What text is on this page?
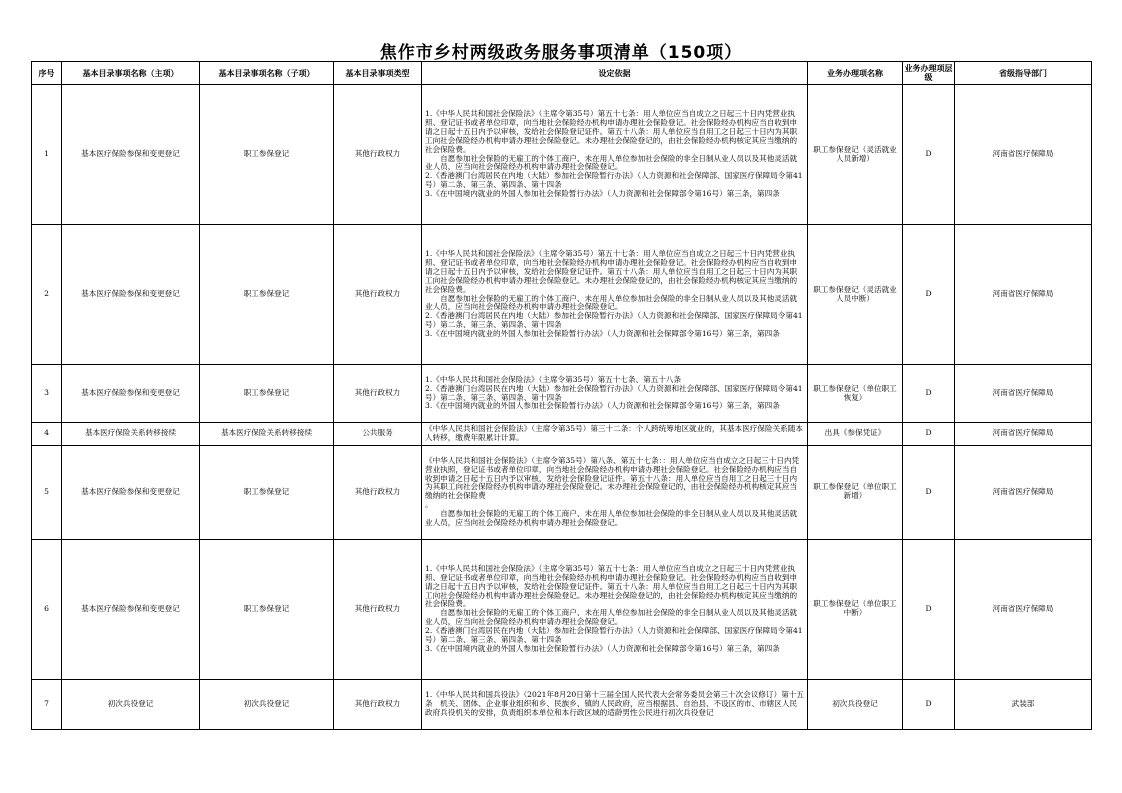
焦作市乡村两级政务服务事项清单（150项）
序号	基本目录事项名称（主项）	基本目录事项名称（子项）	基本目录事项类型	设定依据	业务办理项名称	业务办理项层级	省级指导部门
1	基本医疗保险参保和变更登记	职工参保登记	其他行政权力	1.《中华人民共和国社会保险法》（主席令第35号）第五十七条：用人单位应当自成立之日起三十日内凭营业执照、登记证书或者单位印章，向当地社会保险经办机构申请办理社会保险登记。社会保险经办机构应当自收到申请之日起十五日内予以审核，发给社会保险登记证件。第五十八条：用人单位应当自用工之日起三十日内为其职工向社会保险经办机构申请办理社会保险登记。未办理社会保险登记的，由社会保险经办机构核定其应当缴纳的社会保险费。
　　自愿参加社会保险的无雇工的个体工商户、未在用人单位参加社会保险的非全日制从业人员以及其他灵活就业人员，应当向社会保险经办机构申请办理社会保险登记。
2.《香港澳门台湾居民在内地（大陆）参加社会保险暂行办法》（人力资源和社会保障部、国家医疗保障局令第41号）第二条、第三条、第四条、第十四条
3.《在中国境内就业的外国人参加社会保险暂行办法》（人力资源和社会保障部令第16号）第三条，第四条	职工参保登记（灵活就业人员新增）	D	河南省医疗保障局
2	基本医疗保险参保和变更登记	职工参保登记	其他行政权力	1.《中华人民共和国社会保险法》（主席令第35号）第五十七条：用人单位应当自成立之日起三十日内凭营业执照、登记证书或者单位印章，向当地社会保险经办机构申请办理社会保险登记。社会保险经办机构应当自收到申请之日起十五日内予以审核，发给社会保险登记证件。第五十八条：用人单位应当自用工之日起三十日内为其职工向社会保险经办机构申请办理社会保险登记。未办理社会保险登记的，由社会保险经办机构核定其应当缴纳的社会保险费。
　　自愿参加社会保险的无雇工的个体工商户、未在用人单位参加社会保险的非全日制从业人员以及其他灵活就业人员，应当向社会保险经办机构申请办理社会保险登记。
2.《香港澳门台湾居民在内地（大陆）参加社会保险暂行办法》（人力资源和社会保障部、国家医疗保障局令第41号）第二条、第三条、第四条、第十四条
3.《在中国境内就业的外国人参加社会保险暂行办法》（人力资源和社会保障部令第16号）第三条，第四条	职工参保登记（灵活就业人员中断）	D	河南省医疗保障局
3	基本医疗保险参保和变更登记	职工参保登记	其他行政权力	1.《中华人民共和国社会保险法》（主席令第35号）第五十七条、第五十八条
2.《香港澳门台湾居民在内地（大陆）参加社会保险暂行办法》（人力资源和社会保障部、国家医疗保障局令第41号）第二条、第三条、第四条、第十四条
3.《在中国境内就业的外国人参加社会保险暂行办法》（人力资源和社会保障部令第16号）第三条，第四条	职工参保登记（单位职工恢复）	D	河南省医疗保障局
4	基本医疗保险关系转移接续	基本医疗保险关系转移接续	公共服务	《中华人民共和国社会保险法》（主席令第35号）第三十二条：个人跨统筹地区就业的，其基本医疗保险关系随本人转移，缴费年限累计计算。	出具《参保凭证》	D	河南省医疗保障局
5	基本医疗保险参保和变更登记	职工参保登记	其他行政权力	《中华人民共和国社会保险法》（主席令第35号）第八条、第五十七条：：用人单位应当自成立之日起三十日内凭营业执照，登记证书或者单位印章，向当地社会保险经办机构申请办理社会保险登记。社会保险经办机构应当自收到申请之日起十五日内予以审核，发给社会保险登记证件。第五十八条：用人单位应当自用工之日起三十日内为其职工向社会保险经办机构申请办理社会保险登记。未办理社会保险登记的，由社会保险经办机构核定其应当缴纳的社会保险费
。
　　自愿参加社会保险的无雇工的个体工商户、未在用人单位参加社会保险的非全日制从业人员以及其他灵活就业人员，应当向社会保险经办机构申请办理社会保险登记。	职工参保登记（单位职工新增）	D	河南省医疗保障局
6	基本医疗保险参保和变更登记	职工参保登记	其他行政权力	1.《中华人民共和国社会保险法》（主席令第35号）第五十七条：用人单位应当自成立之日起三十日内凭营业执照、登记证书或者单位印章，向当地社会保险经办机构申请办理社会保险登记。社会保险经办机构应当自收到申请之日起十五日内予以审核，发给社会保险登记证件。第五十八条：用人单位应当自用工之日起三十日内为其职工向社会保险经办机构申请办理社会保险登记。未办理社会保险登记的，由社会保险经办机构核定其应当缴纳的社会保险费。
　　自愿参加社会保险的无雇工的个体工商户、未在用人单位参加社会保险的非全日制从业人员以及其他灵活就业人员，应当向社会保险经办机构申请办理社会保险登记。
2.《香港澳门台湾居民在内地（大陆）参加社会保险暂行办法》（人力资源和社会保障部、国家医疗保障局令第41号）第二条、第三条、第四条、第十四条
3.《在中国境内就业的外国人参加社会保险暂行办法》（人力资源和社会保障部令第16号）第三条，第四条	职工参保登记（单位职工中断）	D	河南省医疗保障局
7	初次兵役登记	初次兵役登记	其他行政权力	1.《中华人民共和国兵役法》（2021年8月20日第十三届全国人民代表大会常务委员会第三十次会议修订）第十五条　机关、团体、企业事业组织和乡、民族乡、镇的人民政府，应当根据县、自治县、不设区的市、市辖区人民政府兵役机关的安排，负责组织本单位和本行政区域的适龄男性公民进行初次兵役登记	初次兵役登记	D	武装部
